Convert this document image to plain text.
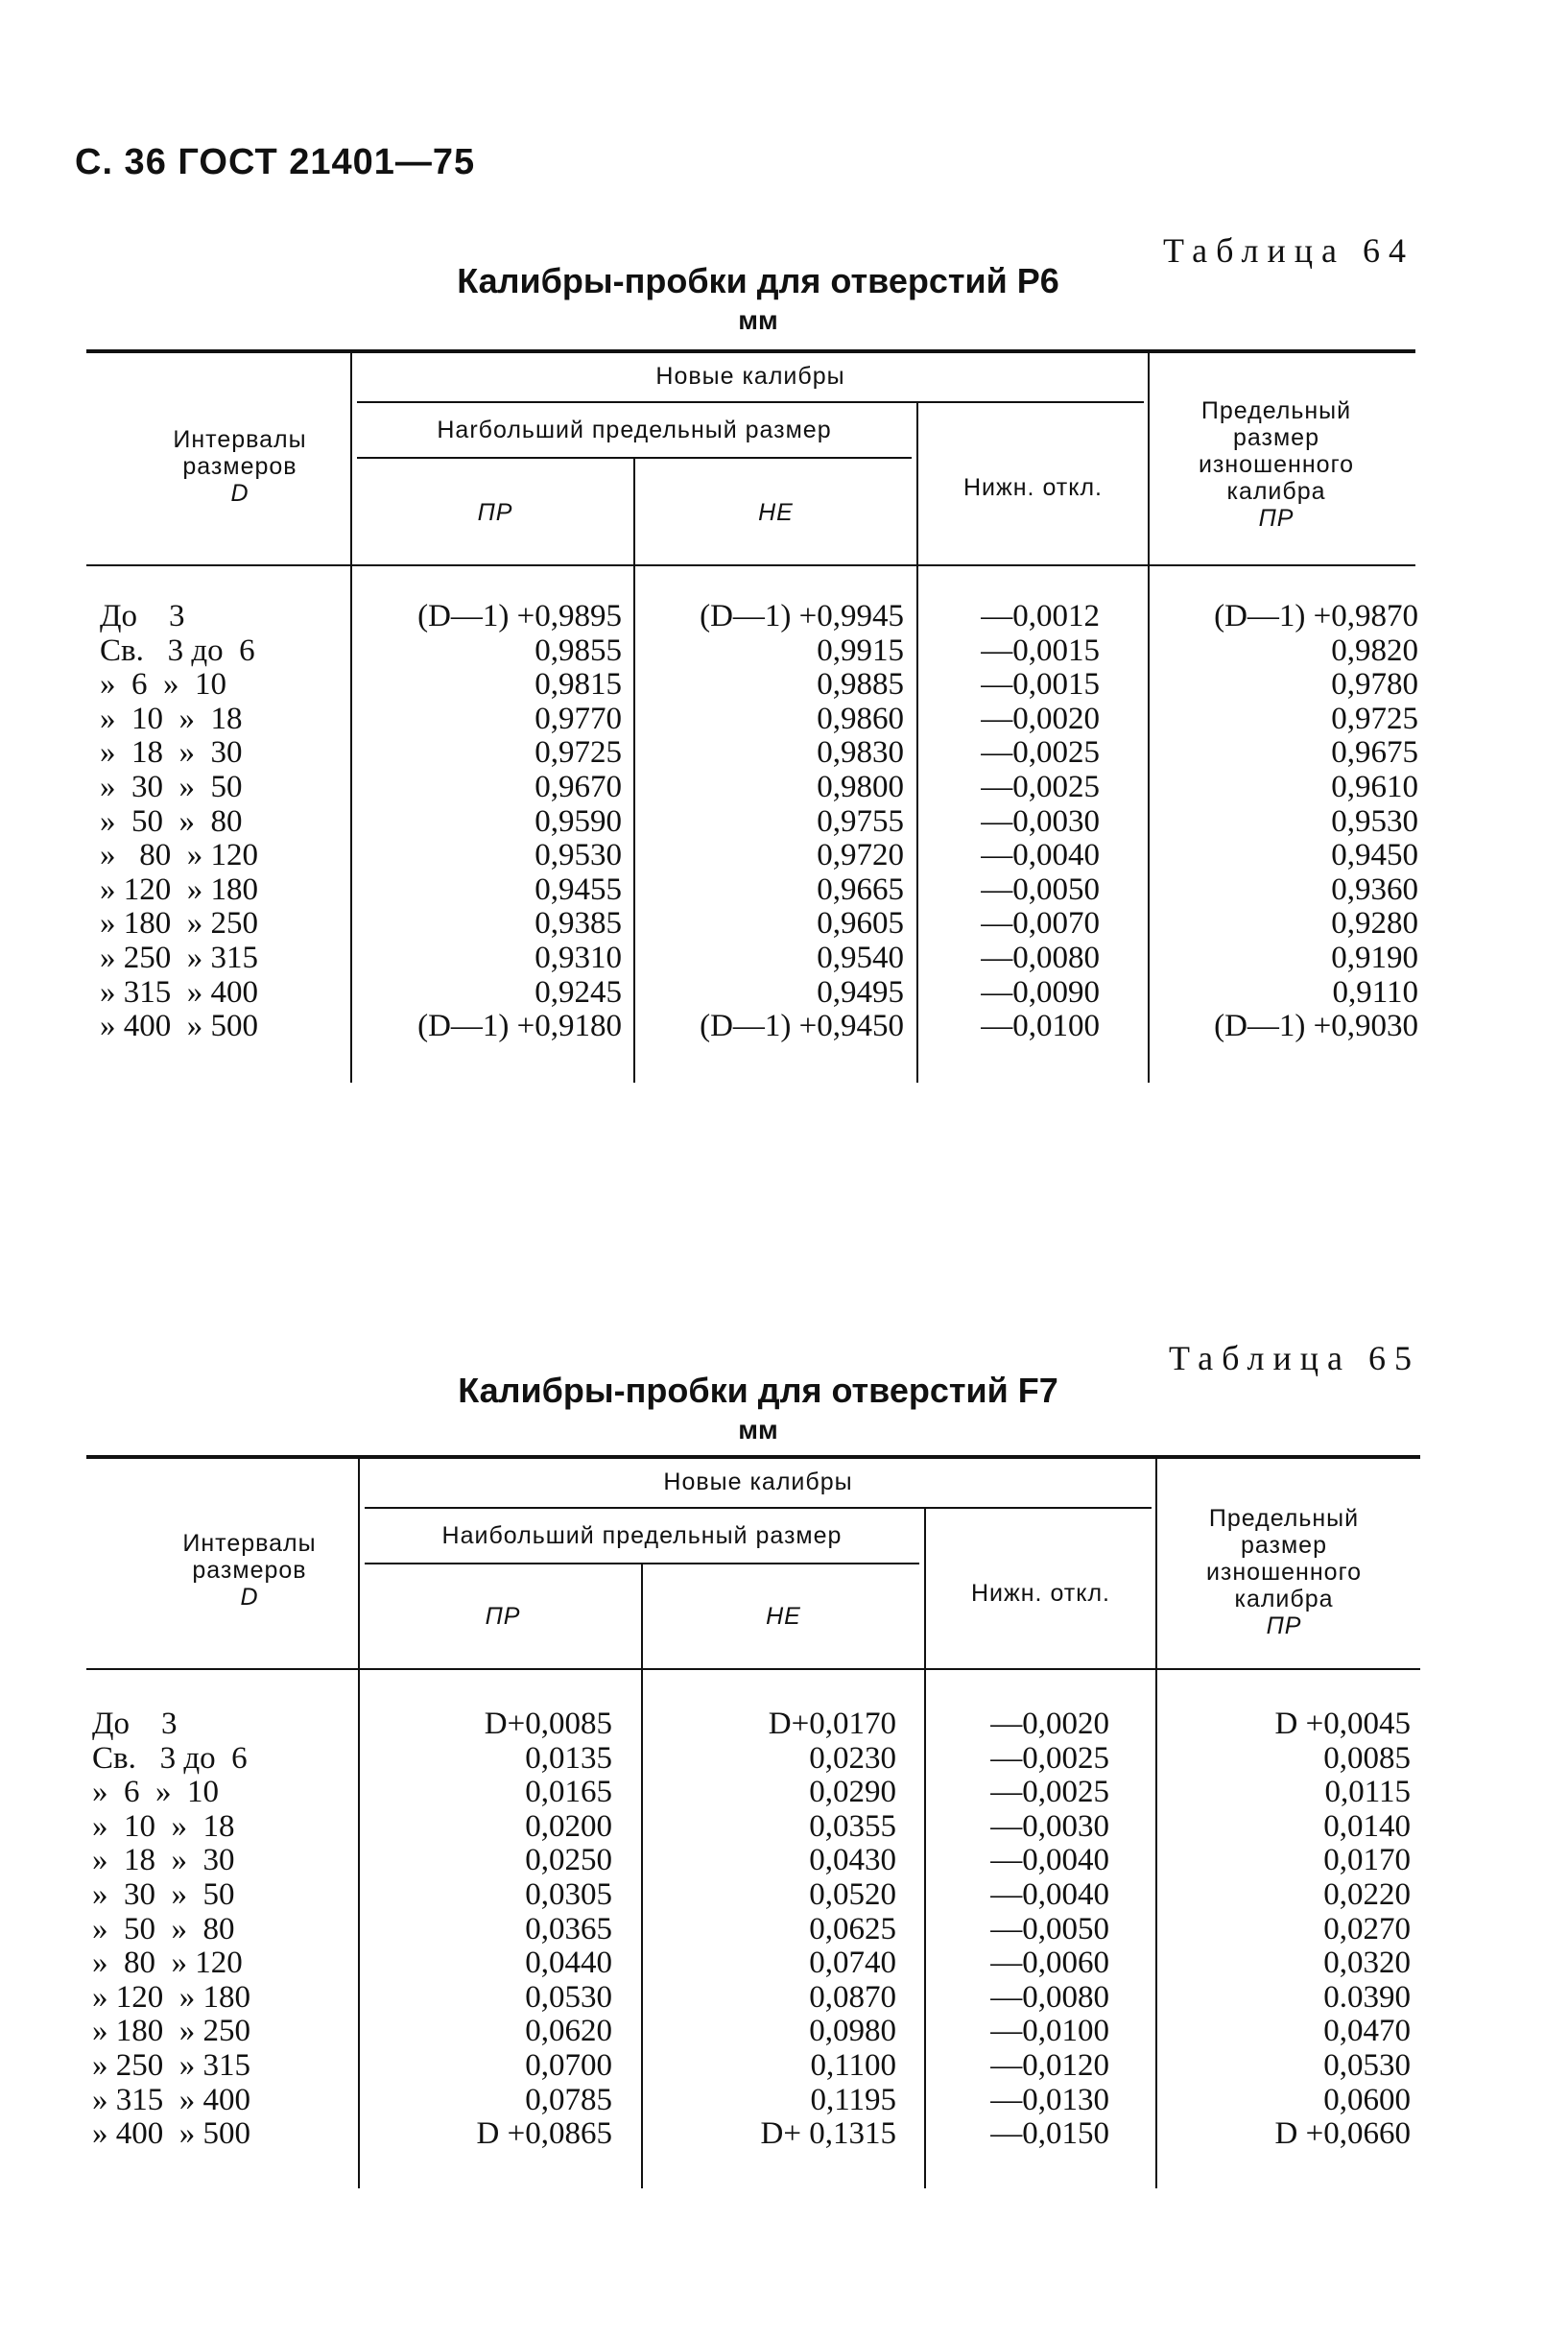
С. 36 ГОСТ 21401—75
Таблица 64
Калибры-пробки для отверстий Р6
мм
Интервалы размеров
D
Новые калибры
Наrбольший предельный размер
ПР	НЕ
Нижн. откл.
Предельный размер изношенного калибра
ПР
До    3	(D—1) +0,9895	(D—1) +0,9945	—0,0012	(D—1) +0,9870
Св.   3 до  6	0,9855	0,9915	—0,0015	0,9820
»  6  »  10	0,9815	0,9885	—0,0015	0,9780
»  10  »  18	0,9770	0,9860	—0,0020	0,9725
»  18  »  30	0,9725	0,9830	—0,0025	0,9675
»  30  »  50	0,9670	0,9800	—0,0025	0,9610
»  50  »  80	0,9590	0,9755	—0,0030	0,9530
»   80  » 120	0,9530	0,9720	—0,0040	0,9450
» 120  » 180	0,9455	0,9665	—0,0050	0,9360
» 180  » 250	0,9385	0,9605	—0,0070	0,9280
» 250  » 315	0,9310	0,9540	—0,0080	0,9190
» 315  » 400	0,9245	0,9495	—0,0090	0,9110
» 400  » 500	(D—1) +0,9180	(D—1) +0,9450	—0,0100	(D—1) +0,9030
Таблица 65
Калибры-пробки для отверстий F7
мм
Интервалы размеров
D
Новые калибры
Наибольший предельный размер
ПР	НЕ
Нижн. откл.
Предельный размер изношенного калибра
ПР
До    3	D+0,0085	D+0,0170	—0,0020	D +0,0045
Св.   3 до  6	0,0135	0,0230	—0,0025	0,0085
»  6  »  10	0,0165	0,0290	—0,0025	0,0115
»  10  »  18	0,0200	0,0355	—0,0030	0,0140
»  18  »  30	0,0250	0,0430	—0,0040	0,0170
»  30  »  50	0,0305	0,0520	—0,0040	0,0220
»  50  »  80	0,0365	0,0625	—0,0050	0,0270
»  80  » 120	0,0440	0,0740	—0,0060	0,0320
» 120  » 180	0,0530	0,0870	—0,0080	0.0390
» 180  » 250	0,0620	0,0980	—0,0100	0,0470
» 250  » 315	0,0700	0,1100	—0,0120	0,0530
» 315  » 400	0,0785	0,1195	—0,0130	0,0600
» 400  » 500	D +0,0865	D+ 0,1315	—0,0150	D +0,0660
